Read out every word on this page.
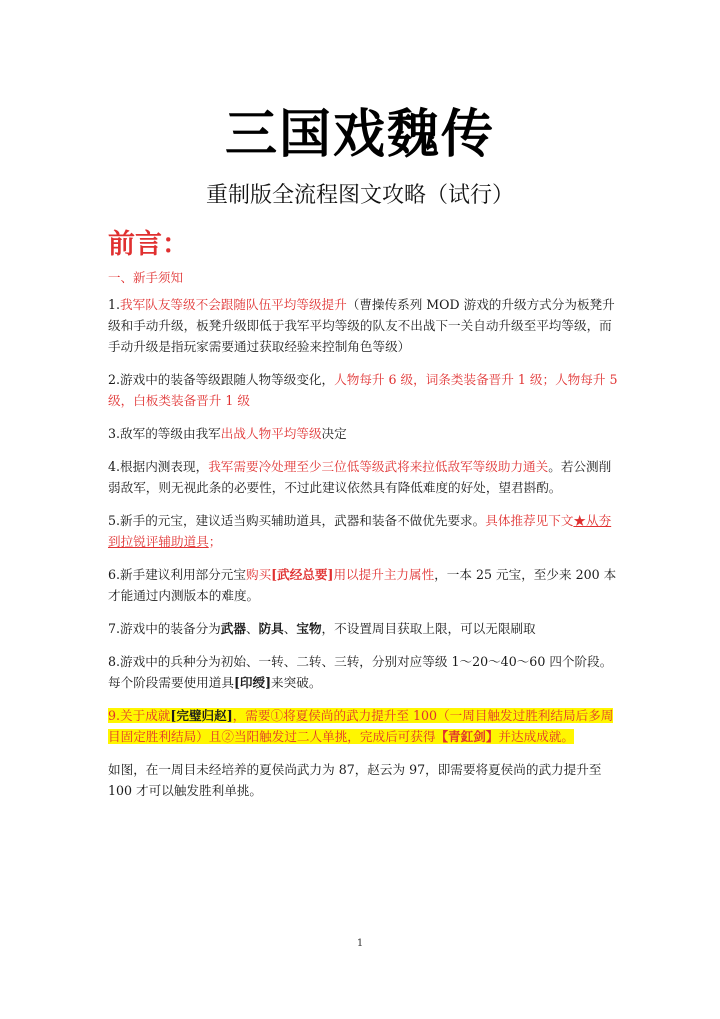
三国戏魏传
重制版全流程图文攻略（试行）
前言：
一、新手须知

1.我军队友等级不会跟随队伍平均等级提升（曹操传系列 MOD 游戏的升级方式分为板凳升级和手动升级，板凳升级即低于我军平均等级的队友不出战下一关自动升级至平均等级，而手动升级是指玩家需要通过获取经验来控制角色等级）

2.游戏中的装备等级跟随人物等级变化，人物每升 6 级，词条类装备晋升 1 级；人物每升 5 级，白板类装备晋升 1 级

3.敌军的等级由我军出战人物平均等级决定

4.根据内测表现，我军需要冷处理至少三位低等级武将来拉低敌军等级助力通关。若公测削弱敌军，则无视此条的必要性，不过此建议依然具有降低难度的好处，望君斟酌。

5.新手的元宝，建议适当购买辅助道具，武器和装备不做优先要求。具体推荐见下文★从夯到拉锐评辅助道具；

6.新手建议利用部分元宝购买[武经总要]用以提升主力属性，一本 25 元宝，至少来 200 本才能通过内测版本的难度。

7.游戏中的装备分为武器、防具、宝物，不设置周目获取上限，可以无限刷取

8.游戏中的兵种分为初始、一转、二转、三转，分别对应等级 1～20～40～60 四个阶段。每个阶段需要使用道具[印绶]来突破。

9.关于成就[完璧归赵]，需要①将夏侯尚的武力提升至 100（一周目触发过胜利结局后多周目固定胜利结局）且②当阳触发过二人单挑，完成后可获得【青釭剑】并达成成就。

如图，在一周目未经培养的夏侯尚武力为 87，赵云为 97，即需要将夏侯尚的武力提升至 100 才可以触发胜利单挑。

1
